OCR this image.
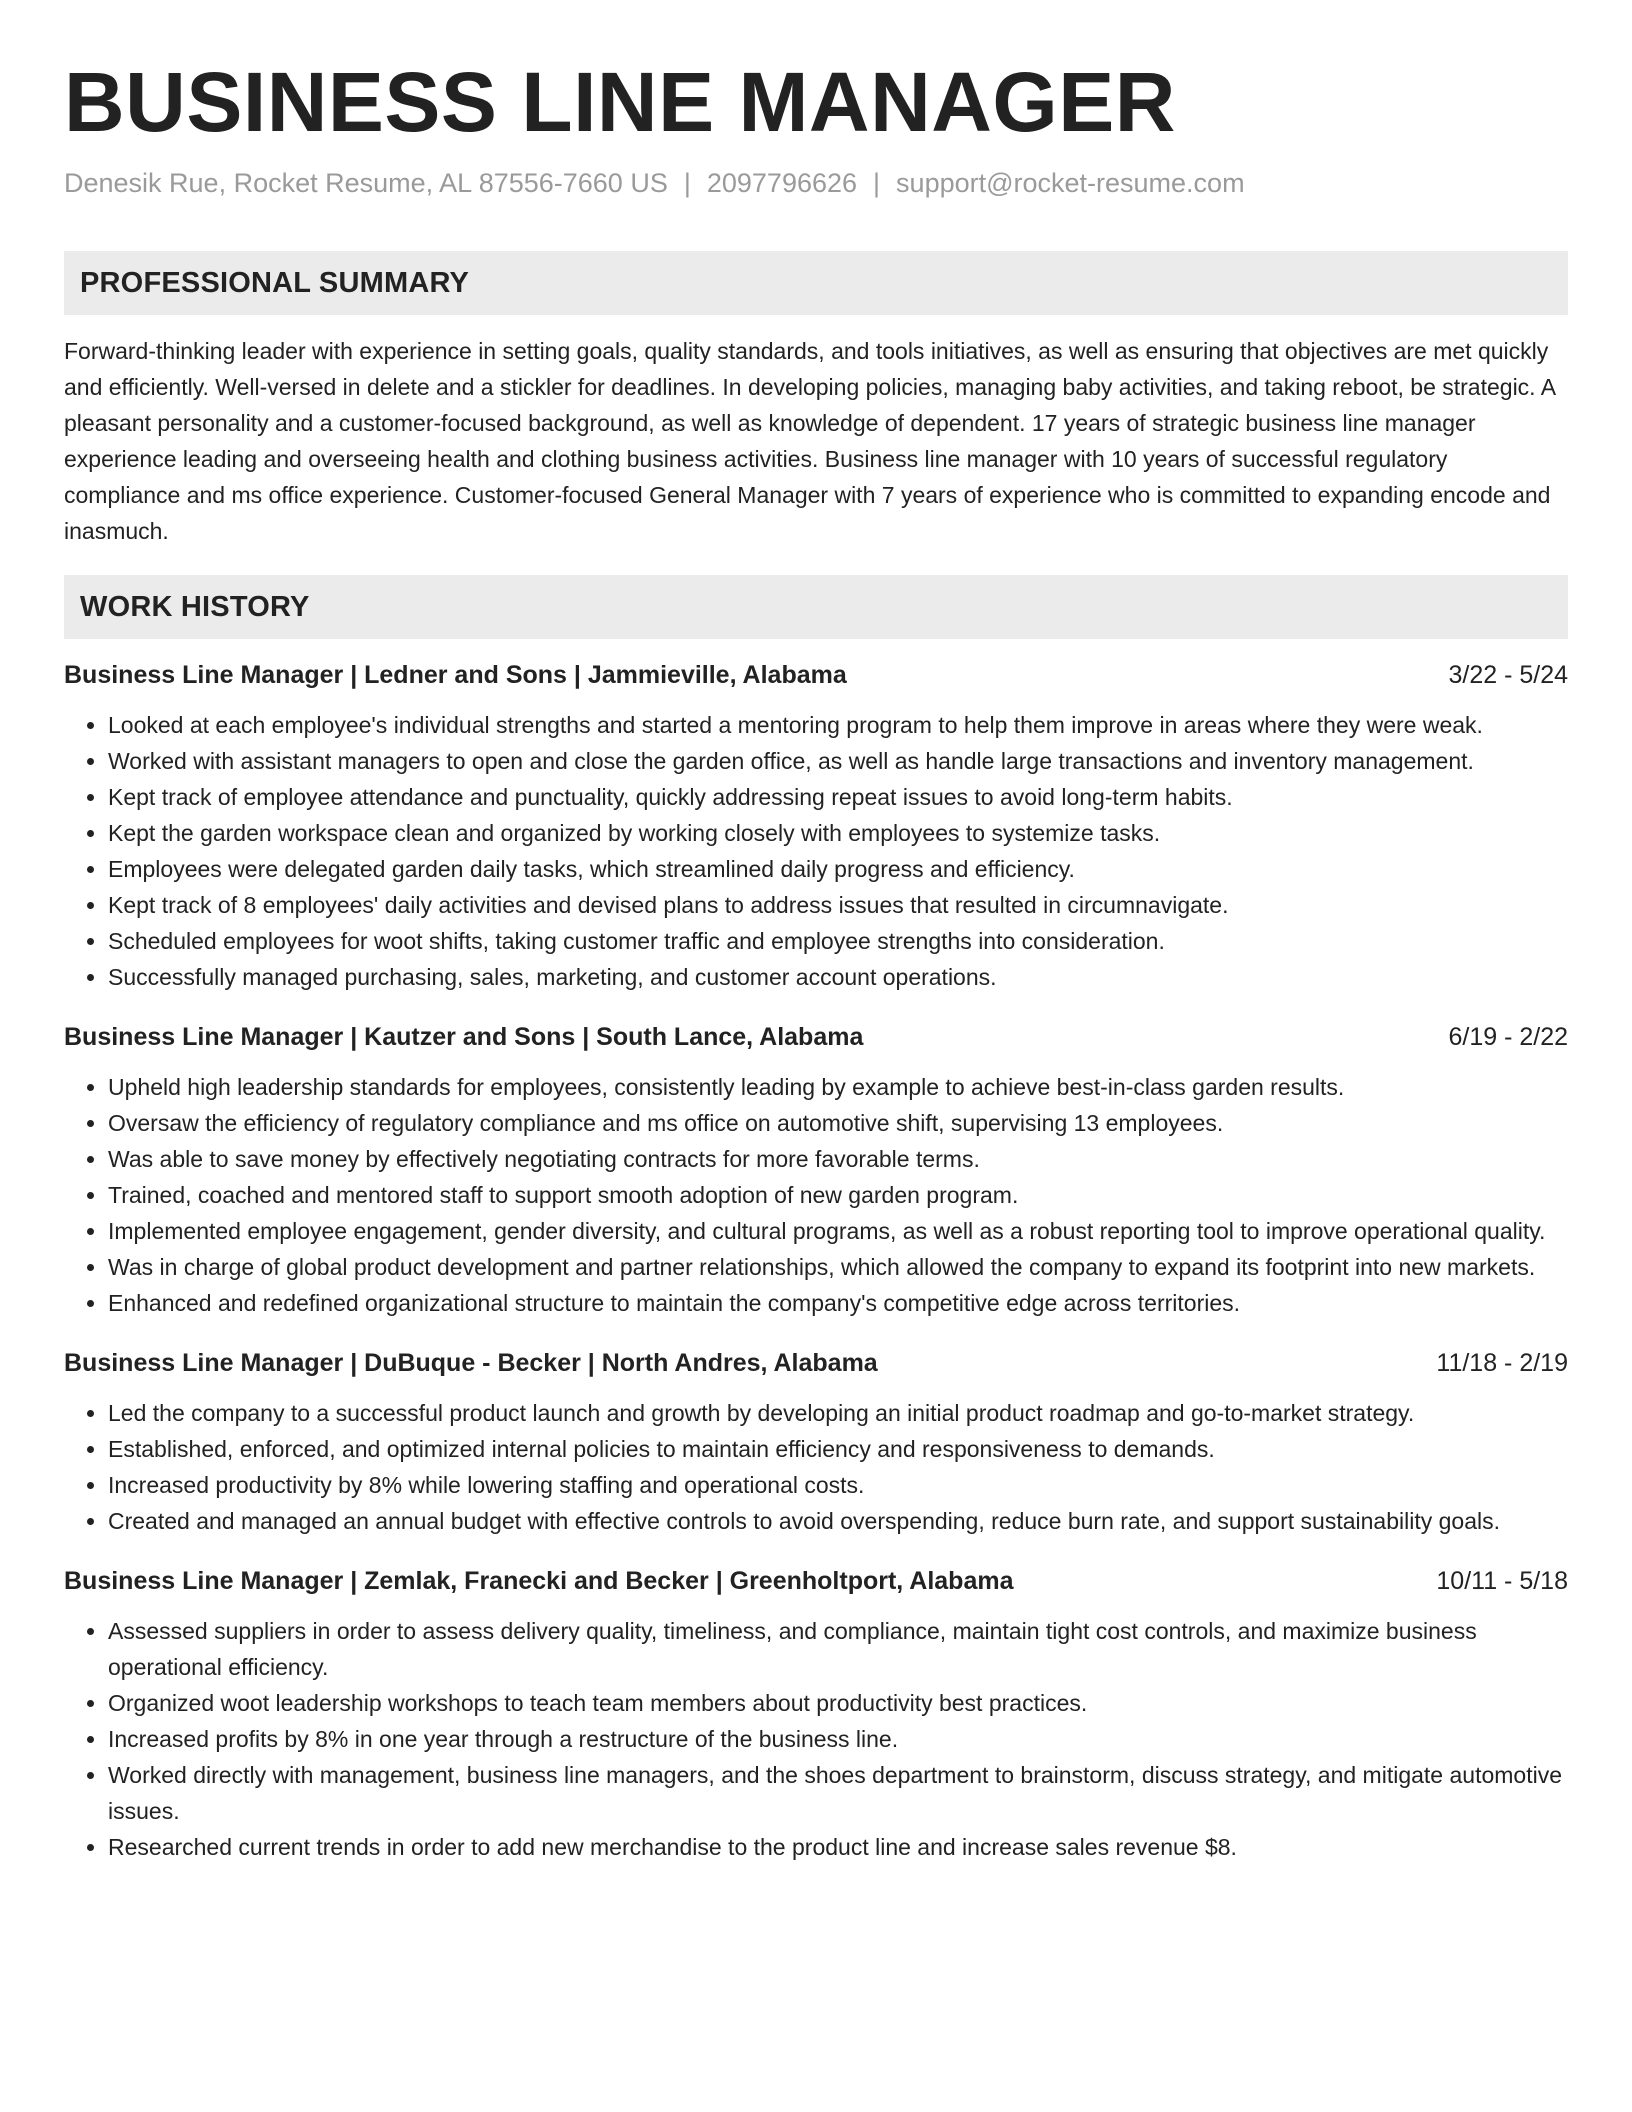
BUSINESS LINE MANAGER
Denesik Rue, Rocket Resume, AL 87556-7660 US | 2097796626 | support@rocket-resume.com
PROFESSIONAL SUMMARY

Forward-thinking leader with experience in setting goals, quality standards, and tools initiatives, as well as ensuring that objectives are met quickly and efficiently. Well-versed in delete and a stickler for deadlines. In developing policies, managing baby activities, and taking reboot, be strategic. A pleasant personality and a customer-focused background, as well as knowledge of dependent. 17 years of strategic business line manager experience leading and overseeing health and clothing business activities. Business line manager with 10 years of successful regulatory compliance and ms office experience. Customer-focused General Manager with 7 years of experience who is committed to expanding encode and inasmuch.

WORK HISTORY
Business Line Manager | Ledner and Sons | Jammieville, Alabama	3/22 - 5/24
• Looked at each employee's individual strengths and started a mentoring program to help them improve in areas where they were weak.
• Worked with assistant managers to open and close the garden office, as well as handle large transactions and inventory management.
• Kept track of employee attendance and punctuality, quickly addressing repeat issues to avoid long-term habits.
• Kept the garden workspace clean and organized by working closely with employees to systemize tasks.
• Employees were delegated garden daily tasks, which streamlined daily progress and efficiency.
• Kept track of 8 employees' daily activities and devised plans to address issues that resulted in circumnavigate.
• Scheduled employees for woot shifts, taking customer traffic and employee strengths into consideration.
• Successfully managed purchasing, sales, marketing, and customer account operations.
Business Line Manager | Kautzer and Sons | South Lance, Alabama	6/19 - 2/22
• Upheld high leadership standards for employees, consistently leading by example to achieve best-in-class garden results.
• Oversaw the efficiency of regulatory compliance and ms office on automotive shift, supervising 13 employees.
• Was able to save money by effectively negotiating contracts for more favorable terms.
• Trained, coached and mentored staff to support smooth adoption of new garden program.
• Implemented employee engagement, gender diversity, and cultural programs, as well as a robust reporting tool to improve operational quality.
• Was in charge of global product development and partner relationships, which allowed the company to expand its footprint into new markets.
• Enhanced and redefined organizational structure to maintain the company's competitive edge across territories.
Business Line Manager | DuBuque - Becker | North Andres, Alabama	11/18 - 2/19
• Led the company to a successful product launch and growth by developing an initial product roadmap and go-to-market strategy.
• Established, enforced, and optimized internal policies to maintain efficiency and responsiveness to demands.
• Increased productivity by 8% while lowering staffing and operational costs.
• Created and managed an annual budget with effective controls to avoid overspending, reduce burn rate, and support sustainability goals.
Business Line Manager | Zemlak, Franecki and Becker | Greenholtport, Alabama	10/11 - 5/18
• Assessed suppliers in order to assess delivery quality, timeliness, and compliance, maintain tight cost controls, and maximize business operational efficiency.
• Organized woot leadership workshops to teach team members about productivity best practices.
• Increased profits by 8% in one year through a restructure of the business line.
• Worked directly with management, business line managers, and the shoes department to brainstorm, discuss strategy, and mitigate automotive issues.
• Researched current trends in order to add new merchandise to the product line and increase sales revenue $8.
